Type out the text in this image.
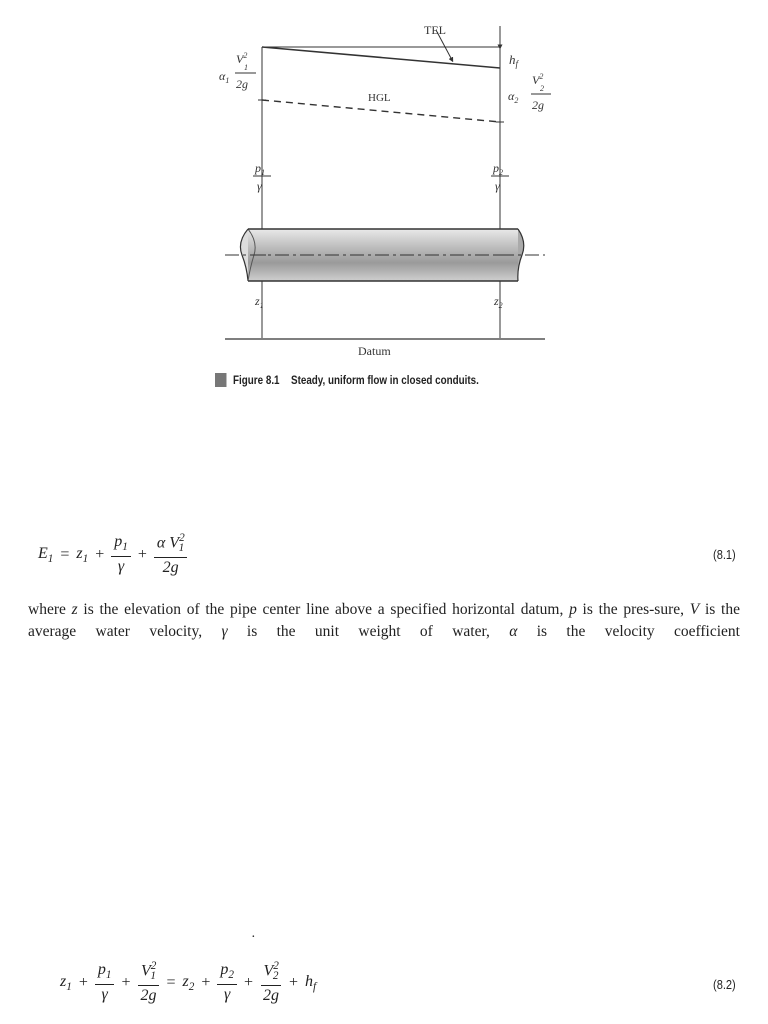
TEL
HGL
Datum
$h_f$
$\alpha_1$
$V^2$
1
2g
$\alpha_2$
$V^2$
2
2g
$p_1$
γ
$p_2$
γ
$z_1$	$z_2$
Figure 8.1 Steady, uniform flow in closed conduits.
$E_1 = z_1 + \frac{p_1}{\gamma} + \frac{\alpha V^2_1}{2g}$	(8.1)
where z is the elevation of the pipe center line above a specified horizontal datum, p is the pres-sure, V is the average water velocity, γ is the unit weight of water, α is the velocity coefficient
·
$z_1 + \frac{p_1}{\gamma} + \frac{V^2_1}{2g} = z_2 + \frac{p_2}{\gamma} + \frac{V^2_2}{2g} + h_f$	(8.2)
